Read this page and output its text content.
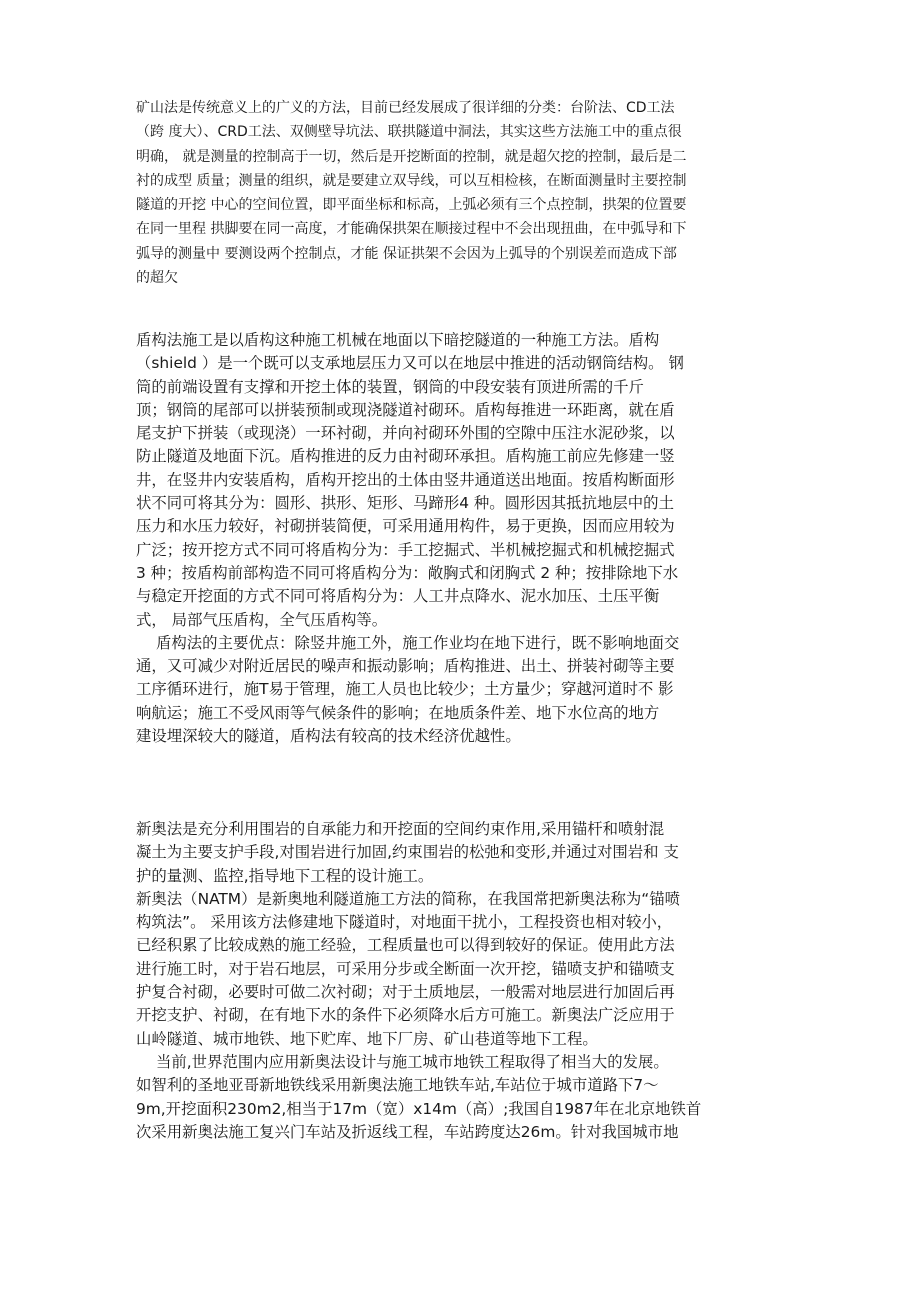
矿山法是传统意义上的广义的方法，目前已经发展成了很详细的分类：台阶法、CD工法
（跨 度大）、CRD工法、双侧壁导坑法、联拱隧道中洞法，其实这些方法施工中的重点很
明确， 就是测量的控制高于一切，然后是开挖断面的控制，就是超欠挖的控制，最后是二
衬的成型 质量；测量的组织，就是要建立双导线，可以互相检核，在断面测量时主要控制
隧道的开挖 中心的空间位置，即平面坐标和标高，上弧必须有三个点控制，拱架的位置要
在同一里程 拱脚要在同一高度，才能确保拱架在顺接过程中不会出现扭曲，在中弧导和下
弧导的测量中 要测设两个控制点，才能 保证拱架不会因为上弧导的个别误差而造成下部
的超欠
盾构法施工是以盾构这种施工机械在地面以下暗挖隧道的一种施工方法。盾构
（shield ）是一个既可以支承地层压力又可以在地层中推进的活动钢筒结构。 钢
筒的前端设置有支撑和开挖土体的装置，钢筒的中段安装有顶进所需的千斤
顶；钢筒的尾部可以拼装预制或现浇隧道衬砌环。盾构每推进一环距离，就在盾
尾支护下拼装（或现浇）一环衬砌，并向衬砌环外围的空隙中压注水泥砂浆，以
防止隧道及地面下沉。盾构推进的反力由衬砌环承担。盾构施工前应先修建一竖
井，在竖井内安装盾构，盾构开挖出的土体由竖井通道送出地面。按盾构断面形
状不同可将其分为：圆形、拱形、矩形、马蹄形4 种。圆形因其抵抗地层中的土
压力和水压力较好，衬砌拼装简便，可采用通用构件，易于更换，因而应用较为
广泛；按开挖方式不同可将盾构分为：手工挖掘式、半机械挖掘式和机械挖掘式
3 种；按盾构前部构造不同可将盾构分为：敞胸式和闭胸式 2 种；按排除地下水
与稳定开挖面的方式不同可将盾构分为：人工井点降水、泥水加压、土压平衡
式， 局部气压盾构，全气压盾构等。
盾构法的主要优点：除竖井施工外，施工作业均在地下进行，既不影响地面交
通，又可减少对附近居民的噪声和振动影响；盾构推进、出土、拼装衬砌等主要
工序循环进行，施T易于管理，施工人员也比较少；土方量少；穿越河道时不 影
响航运；施工不受风雨等气候条件的影响；在地质条件差、地下水位高的地方
建设埋深较大的隧道，盾构法有较高的技术经济优越性。
新奥法是充分利用围岩的自承能力和开挖面的空间约束作用,采用锚杆和喷射混
凝土为主要支护手段,对围岩进行加固,约束围岩的松弛和变形,并通过对围岩和 支
护的量测、监控,指导地下工程的设计施工。
新奥法（NATM）是新奥地利隧道施工方法的简称，在我国常把新奥法称为“锚喷
构筑法”。 采用该方法修建地下隧道时，对地面干扰小，工程投资也相对较小，
已经积累了比较成熟的施工经验，工程质量也可以得到较好的保证。使用此方法
进行施工时，对于岩石地层，可采用分步或全断面一次开挖，锚喷支护和锚喷支
护复合衬砌，必要时可做二次衬砌；对于土质地层，一般需对地层进行加固后再
开挖支护、衬砌，在有地下水的条件下必须降水后方可施工。新奥法广泛应用于
山岭隧道、城市地铁、地下贮库、地下厂房、矿山巷道等地下工程。
当前,世界范围内应用新奥法设计与施工城市地铁工程取得了相当大的发展。
如智利的圣地亚哥新地铁线采用新奥法施工地铁车站,车站位于城市道路下7〜
9m,开挖面积230m2,相当于17m（宽）x14m（高）;我国自1987年在北京地铁首
次采用新奥法施工复兴门车站及折返线工程，车站跨度达26m。针对我国城市地
